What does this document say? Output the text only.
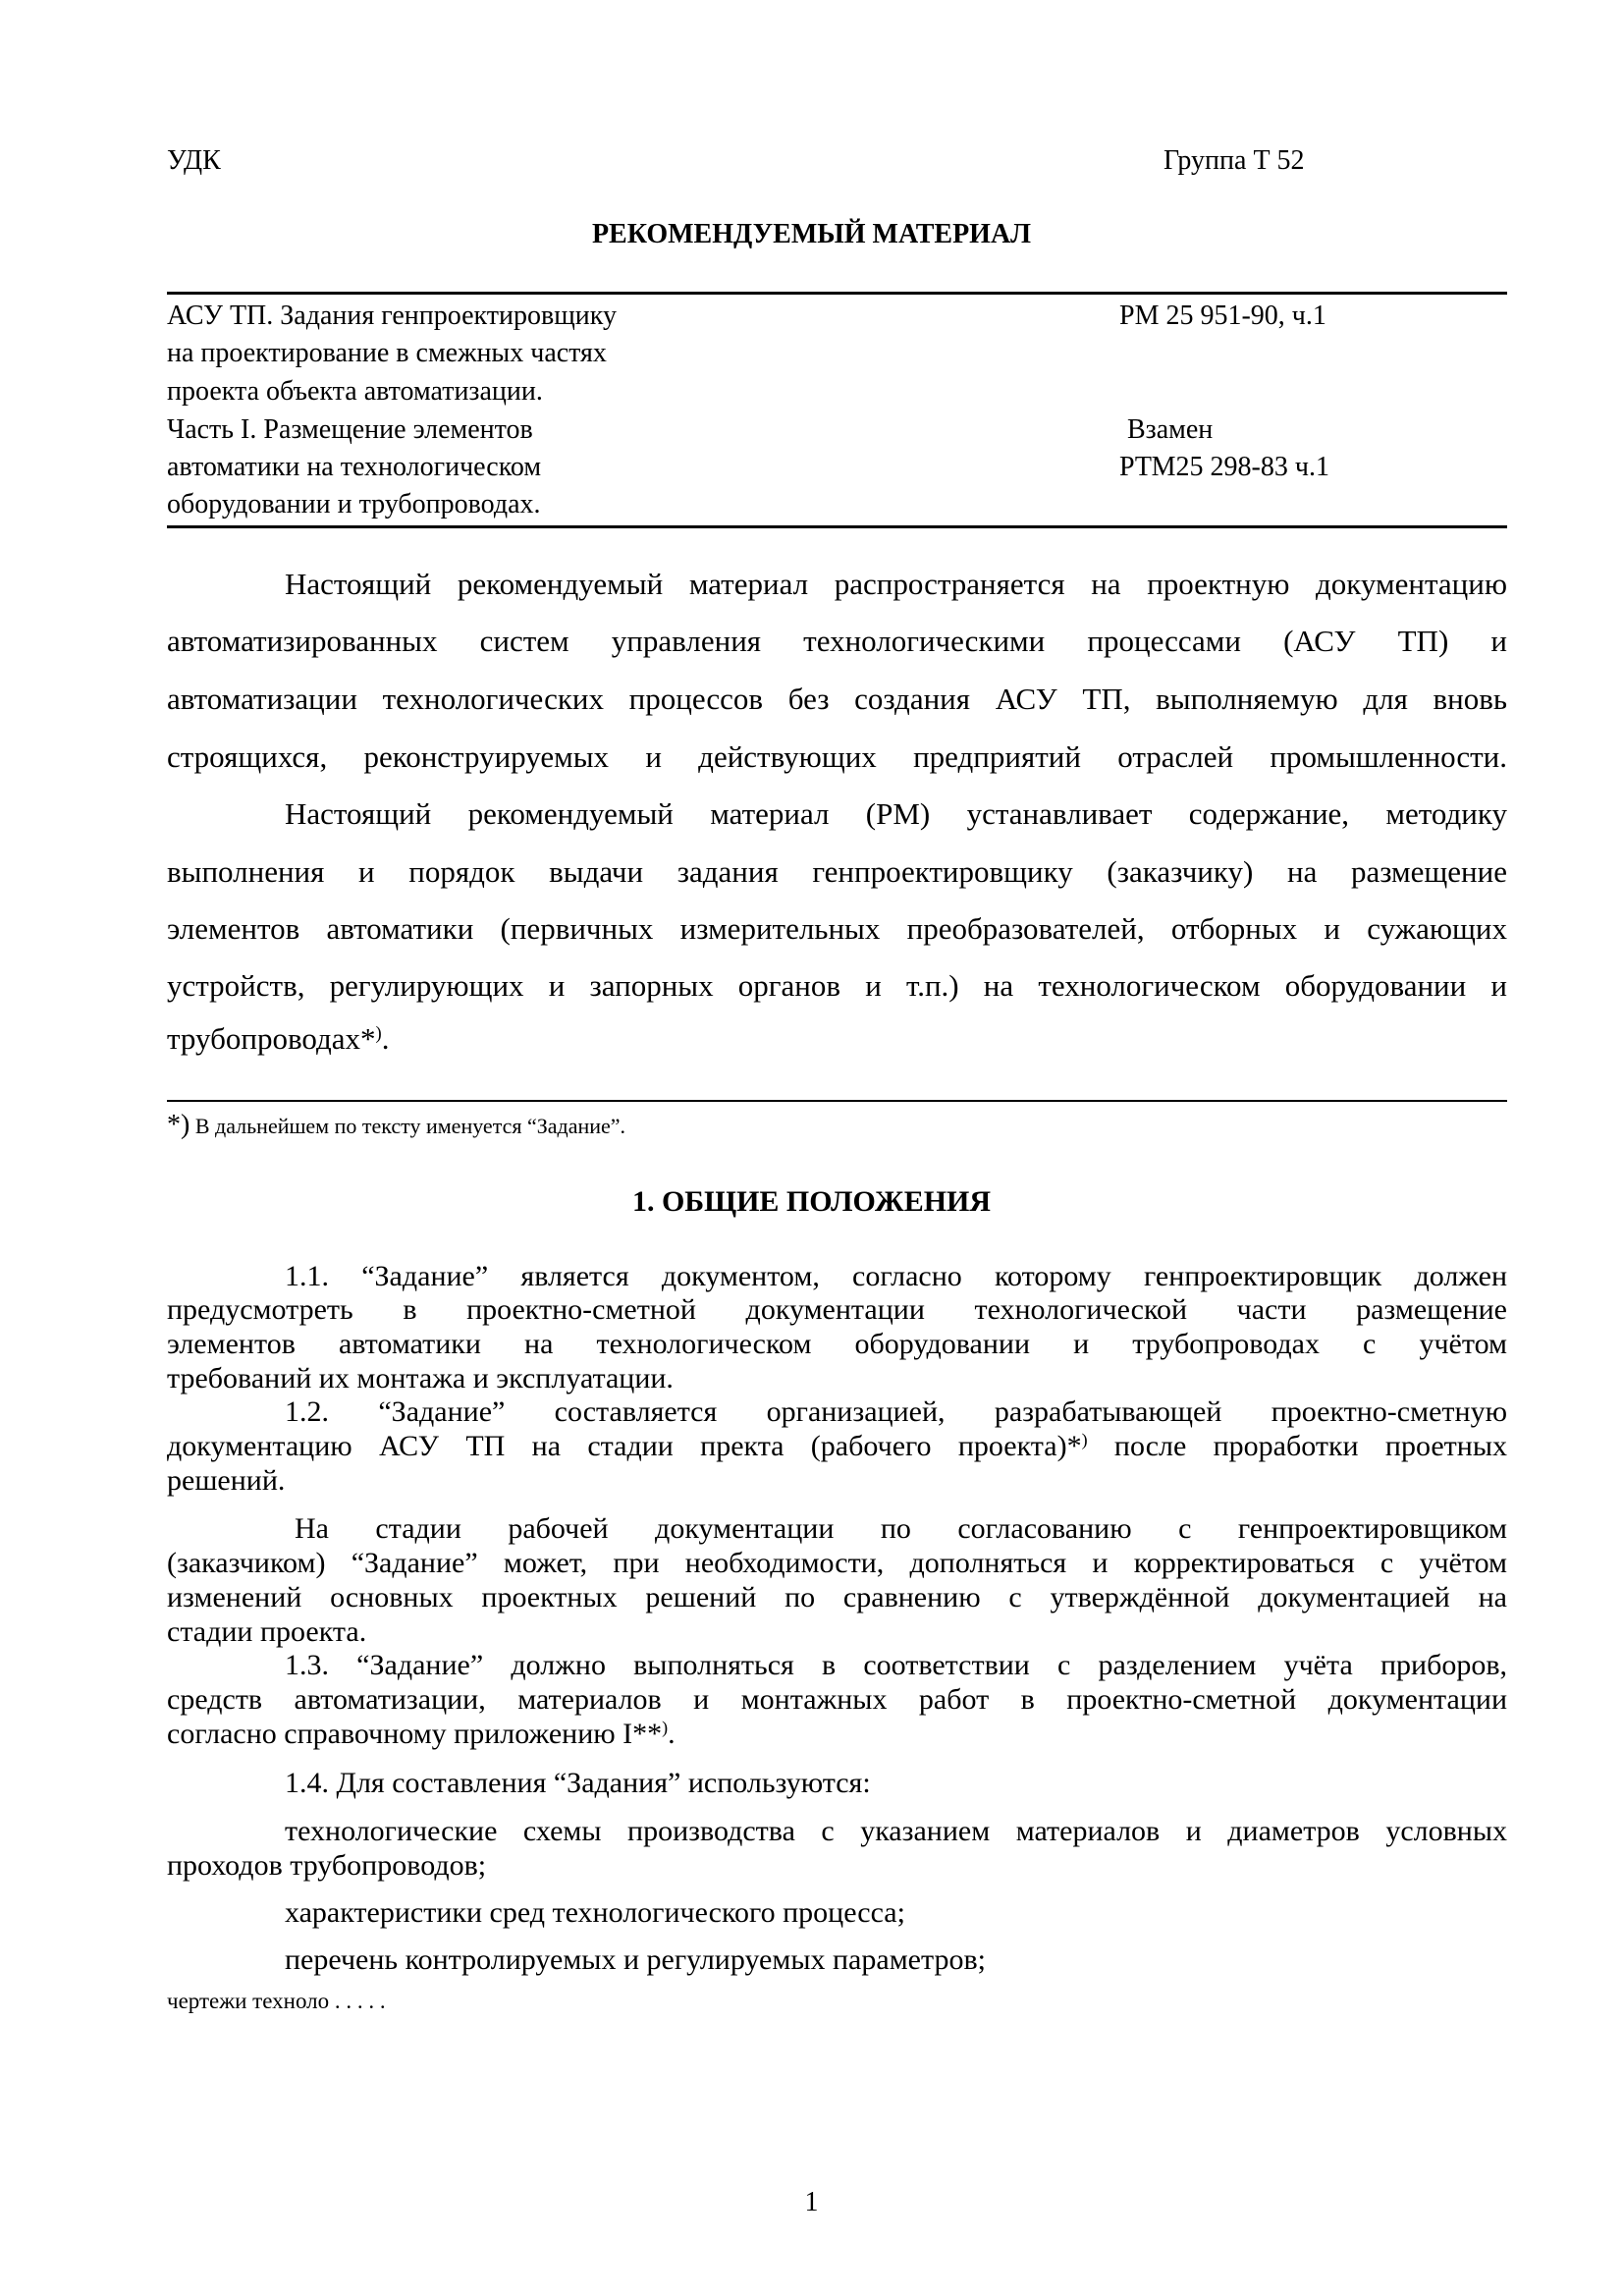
УДК	Группа Т 52
РЕКОМЕНДУЕМЫЙ МАТЕРИАЛ
АСУ ТП. Задания генпроектировщику
на проектирование в смежных частях
проекта объекта автоматизации.
Часть I. Размещение элементов
автоматики на технологическом
оборудовании и трубопроводах.
РМ 25 951-90, ч.1
Взамен
РТМ25 298-83 ч.1
Настоящий рекомендуемый материал распространяется на проектную документацию
автоматизированных систем управления технологическими процессами (АСУ ТП) и
автоматизации технологических процессов без создания АСУ ТП, выполняемую для вновь
строящихся, реконструируемых и действующих предприятий отраслей промышленности.
Настоящий рекомендуемый материал (РМ) устанавливает содержание, методику
выполнения и порядок выдачи задания генпроектировщику (заказчику) на размещение
элементов автоматики (первичных измерительных преобразователей, отборных и сужающих
устройств, регулирующих и запорных органов и т.п.) на технологическом оборудовании и
трубопроводах*).
*) В дальнейшем по тексту именуется “Задание”.
1. ОБЩИЕ ПОЛОЖЕНИЯ
1.1. “Задание” является документом, согласно которому генпроектировщик должен
предусмотреть в проектно-сметной документации технологической части размещение
элементов автоматики на технологическом оборудовании и трубопроводах с учётом
требований их монтажа и эксплуатации.
1.2. “Задание” составляется организацией, разрабатывающей проектно-сметную
документацию АСУ ТП на стадии пректа (рабочего проекта)*) после проработки проетных
решений.
На стадии рабочей документации по согласованию с генпроектировщиком
(заказчиком) “Задание” может, при необходимости, дополняться и корректироваться с учётом
изменений основных проектных решений по сравнению с утверждённой документацией на
стадии проекта.
1.3. “Задание” должно выполняться в соответствии с разделением учёта приборов,
средств автоматизации, материалов и монтажных работ в проектно-сметной документации
согласно справочному приложению I**).
1.4. Для составления “Задания” используются:
технологические схемы производства с указанием материалов и диаметров условных
проходов трубопроводов;
характеристики сред технологического процесса;
перечень контролируемых и регулируемых параметров;
чертежи техноло . . . . .
1
